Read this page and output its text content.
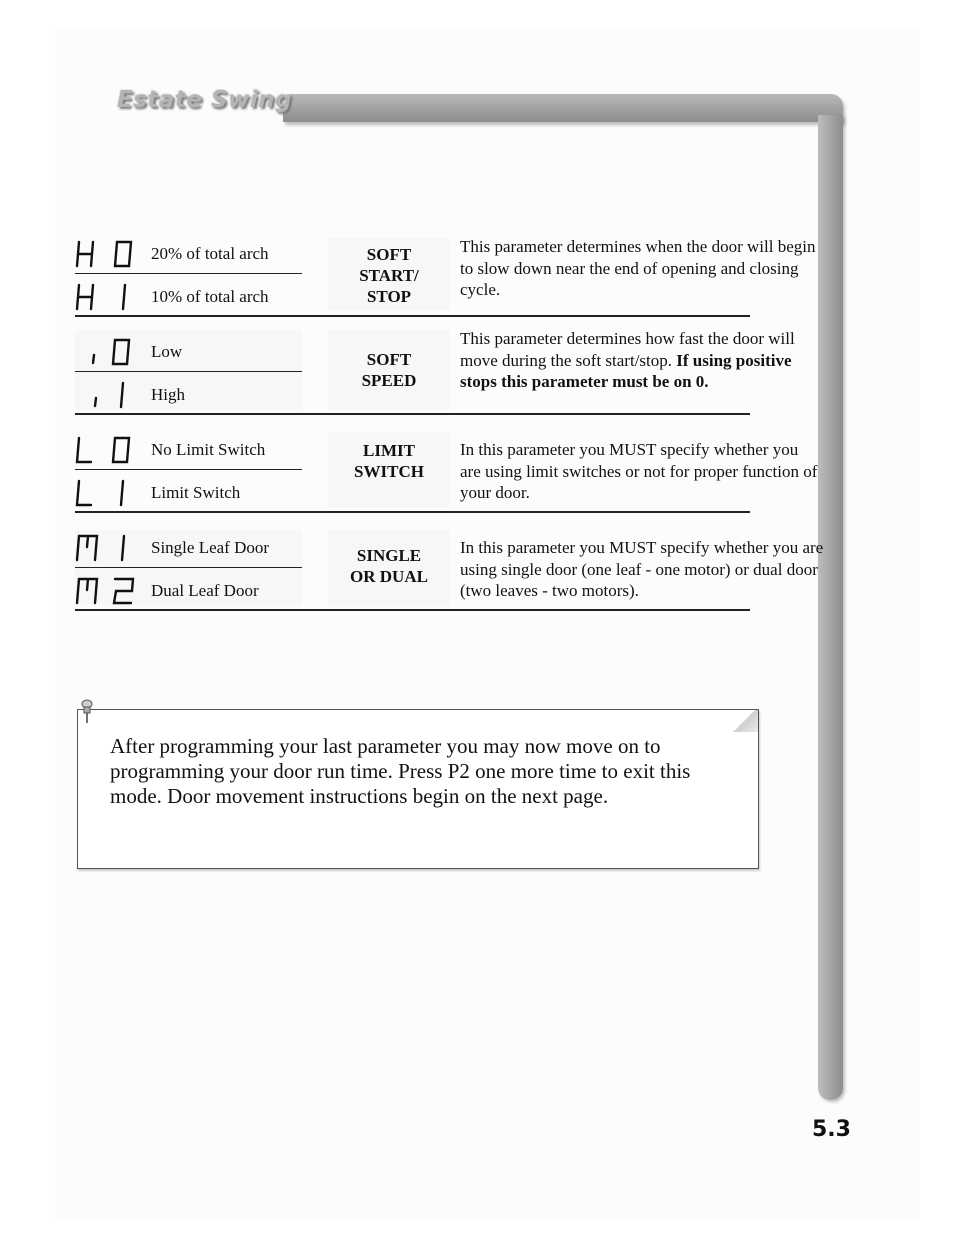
Estate Swing
5.3
20% of total arch
10% of total arch
SOFT
START/
STOP
This parameter determines when the door will begin to slow down near the end of opening and closing cycle.
Low
High
SOFT
SPEED
This parameter determines how fast the door will move during the soft start/stop. If using positive stops this parameter must be on 0.
No Limit Switch
Limit Switch
LIMIT
SWITCH
In this parameter you MUST specify whether you are using limit switches or not for proper function of your door.
Single Leaf Door
Dual Leaf Door
SINGLE
OR DUAL
In this parameter you MUST specify whether you are using single door (one leaf - one motor) or dual door (two leaves - two motors).
After programming your last parameter you may now move on to programming your door run time. Press P2 one more time to exit this mode. Door movement instructions begin on the next page.
